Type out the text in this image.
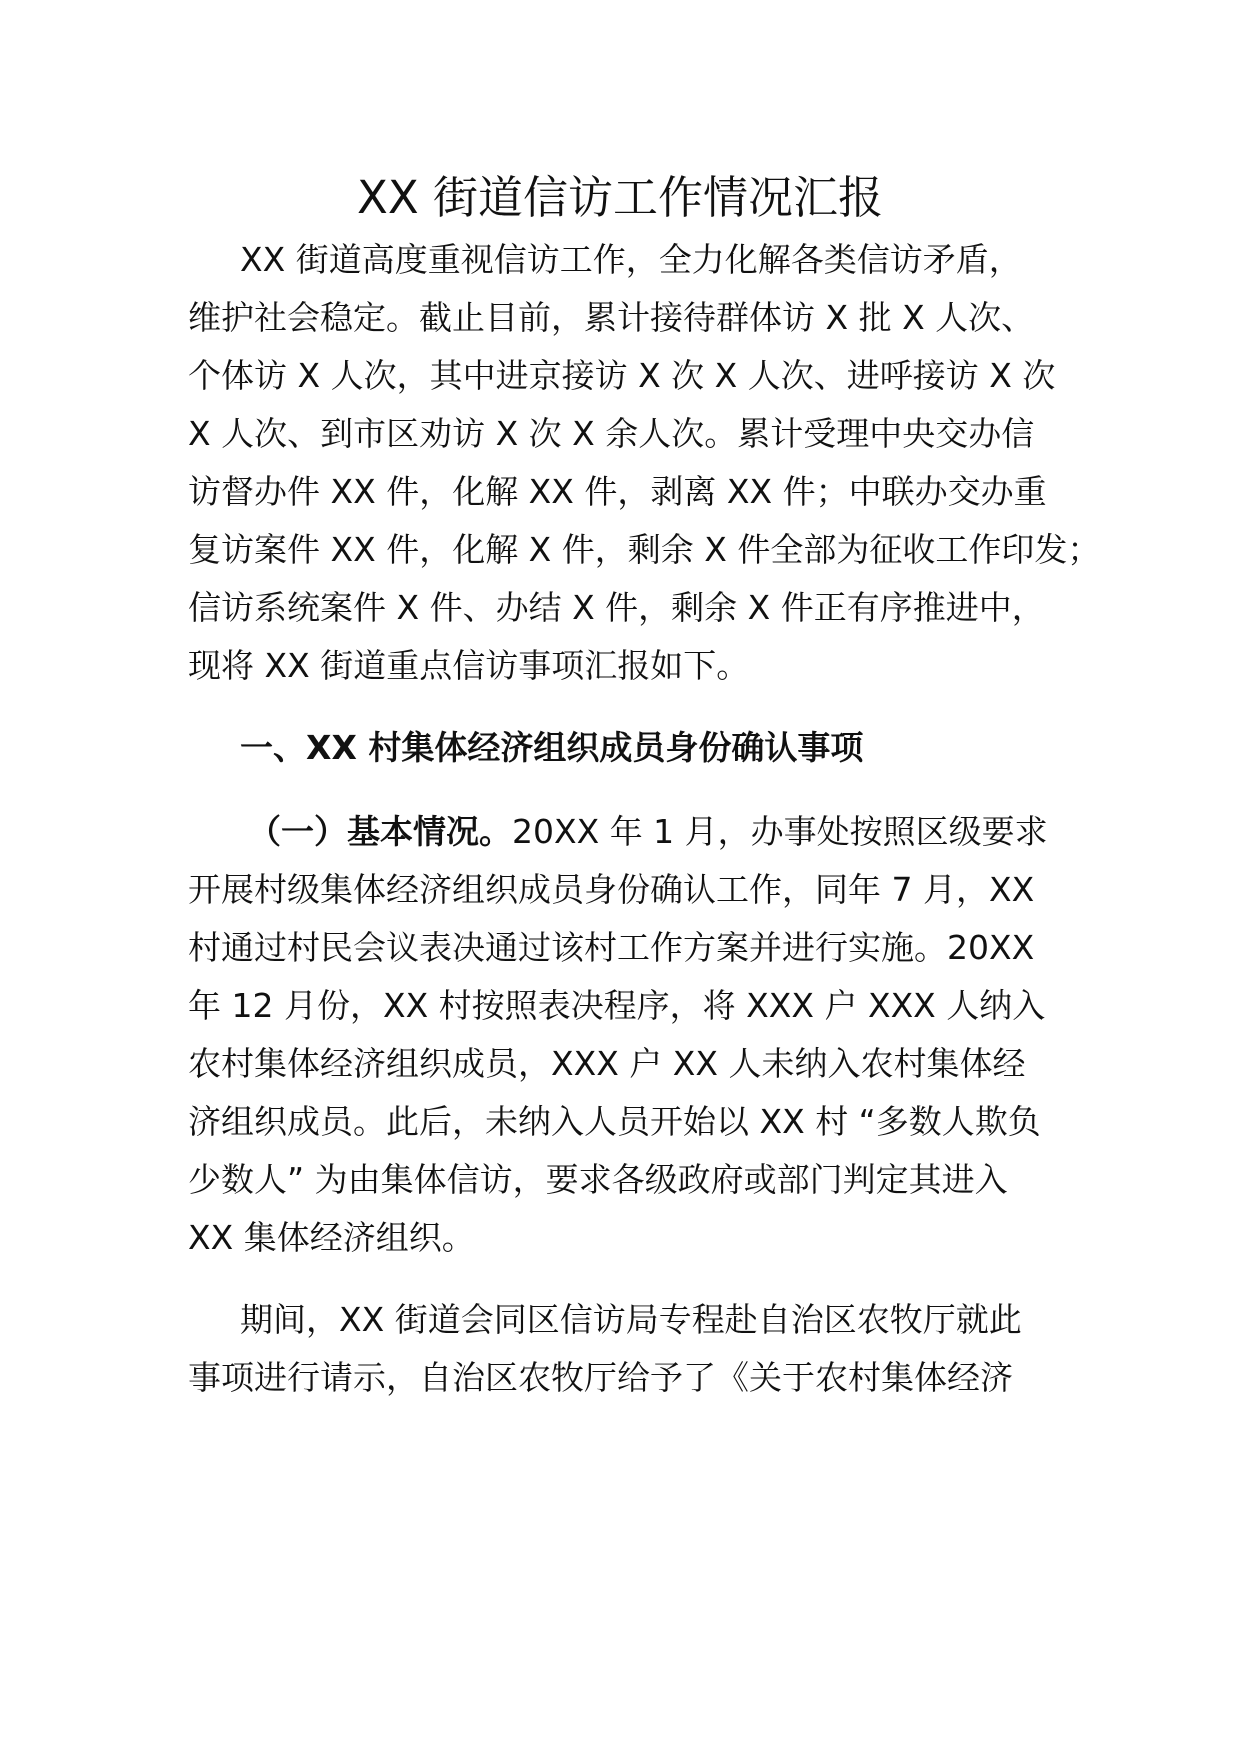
XX 街道信访工作情况汇报
XX 街道高度重视信访工作，全力化解各类信访矛盾，
维护社会稳定。截止目前，累计接待群体访 X 批 X 人次、
个体访 X 人次，其中进京接访 X 次 X 人次、进呼接访 X 次
X 人次、到市区劝访 X 次 X 余人次。累计受理中央交办信
访督办件 XX 件，化解 XX 件，剥离 XX 件；中联办交办重
复访案件 XX 件，化解 X 件，剩余 X 件全部为征收工作印发；
信访系统案件 X 件、办结 X 件，剩余 X 件正有序推进中，
现将 XX 街道重点信访事项汇报如下。
一、XX 村集体经济组织成员身份确认事项
（一）基本情况。20XX 年 1 月，办事处按照区级要求
开展村级集体经济组织成员身份确认工作，同年 7 月，XX
村通过村民会议表决通过该村工作方案并进行实施。20XX
年 12 月份，XX 村按照表决程序，将 XXX 户 XXX 人纳入
农村集体经济组织成员，XXX 户 XX 人未纳入农村集体经
济组织成员。此后，未纳入人员开始以 XX 村 “多数人欺负
少数人” 为由集体信访，要求各级政府或部门判定其进入
XX 集体经济组织。
期间，XX 街道会同区信访局专程赴自治区农牧厅就此
事项进行请示，自治区农牧厅给予了《关于农村集体经济
